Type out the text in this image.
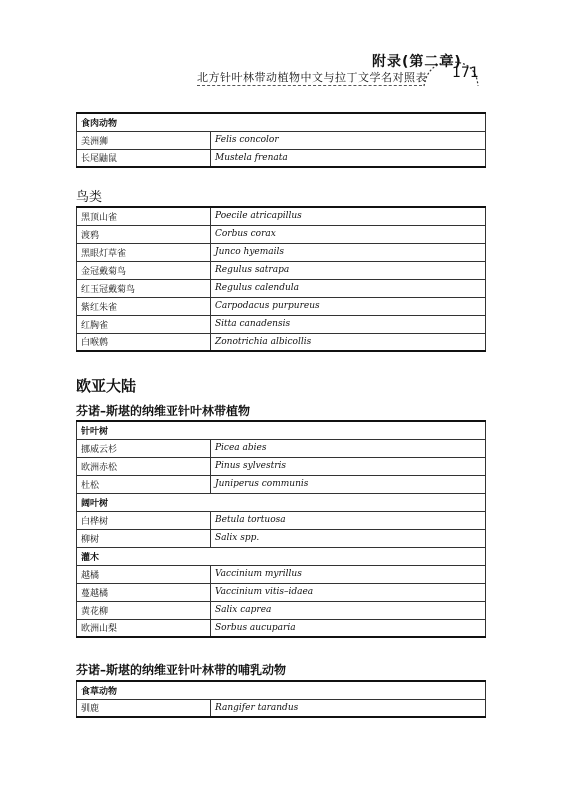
附录(第二章)
北方针叶林带动植物中文与拉丁文学名对照表 171
食肉动物	
美洲狮	Felis concolor
长尾鼬鼠	Mustela frenata
鸟类
黑顶山雀	Poecile atricapillus
渡鸦	Corbus corax
黑眼灯草雀	Junco hyemails
金冠戴菊鸟	Regulus satrapa
红玉冠戴菊鸟	Regulus calendula
紫红朱雀	Carpodacus purpureus
红胸雀	Sitta canadensis
白喉鹩	Zonotrichia albicollis
欧亚大陆
芬诺–斯堪的纳维亚针叶林带植物
针叶树	
挪威云杉	Picea abies
欧洲赤松	Pinus sylvestris
杜松	Juniperus communis
阔叶树	
白桦树	Betula tortuosa
柳树	Salix spp.
灌木	
越橘	Vaccinium myrillus
蔓越橘	Vaccinium vitis–idaea
黄花柳	Salix caprea
欧洲山梨	Sorbus aucuparia
芬诺–斯堪的纳维亚针叶林带的哺乳动物
食草动物
驯鹿	Rangifer tarandus
